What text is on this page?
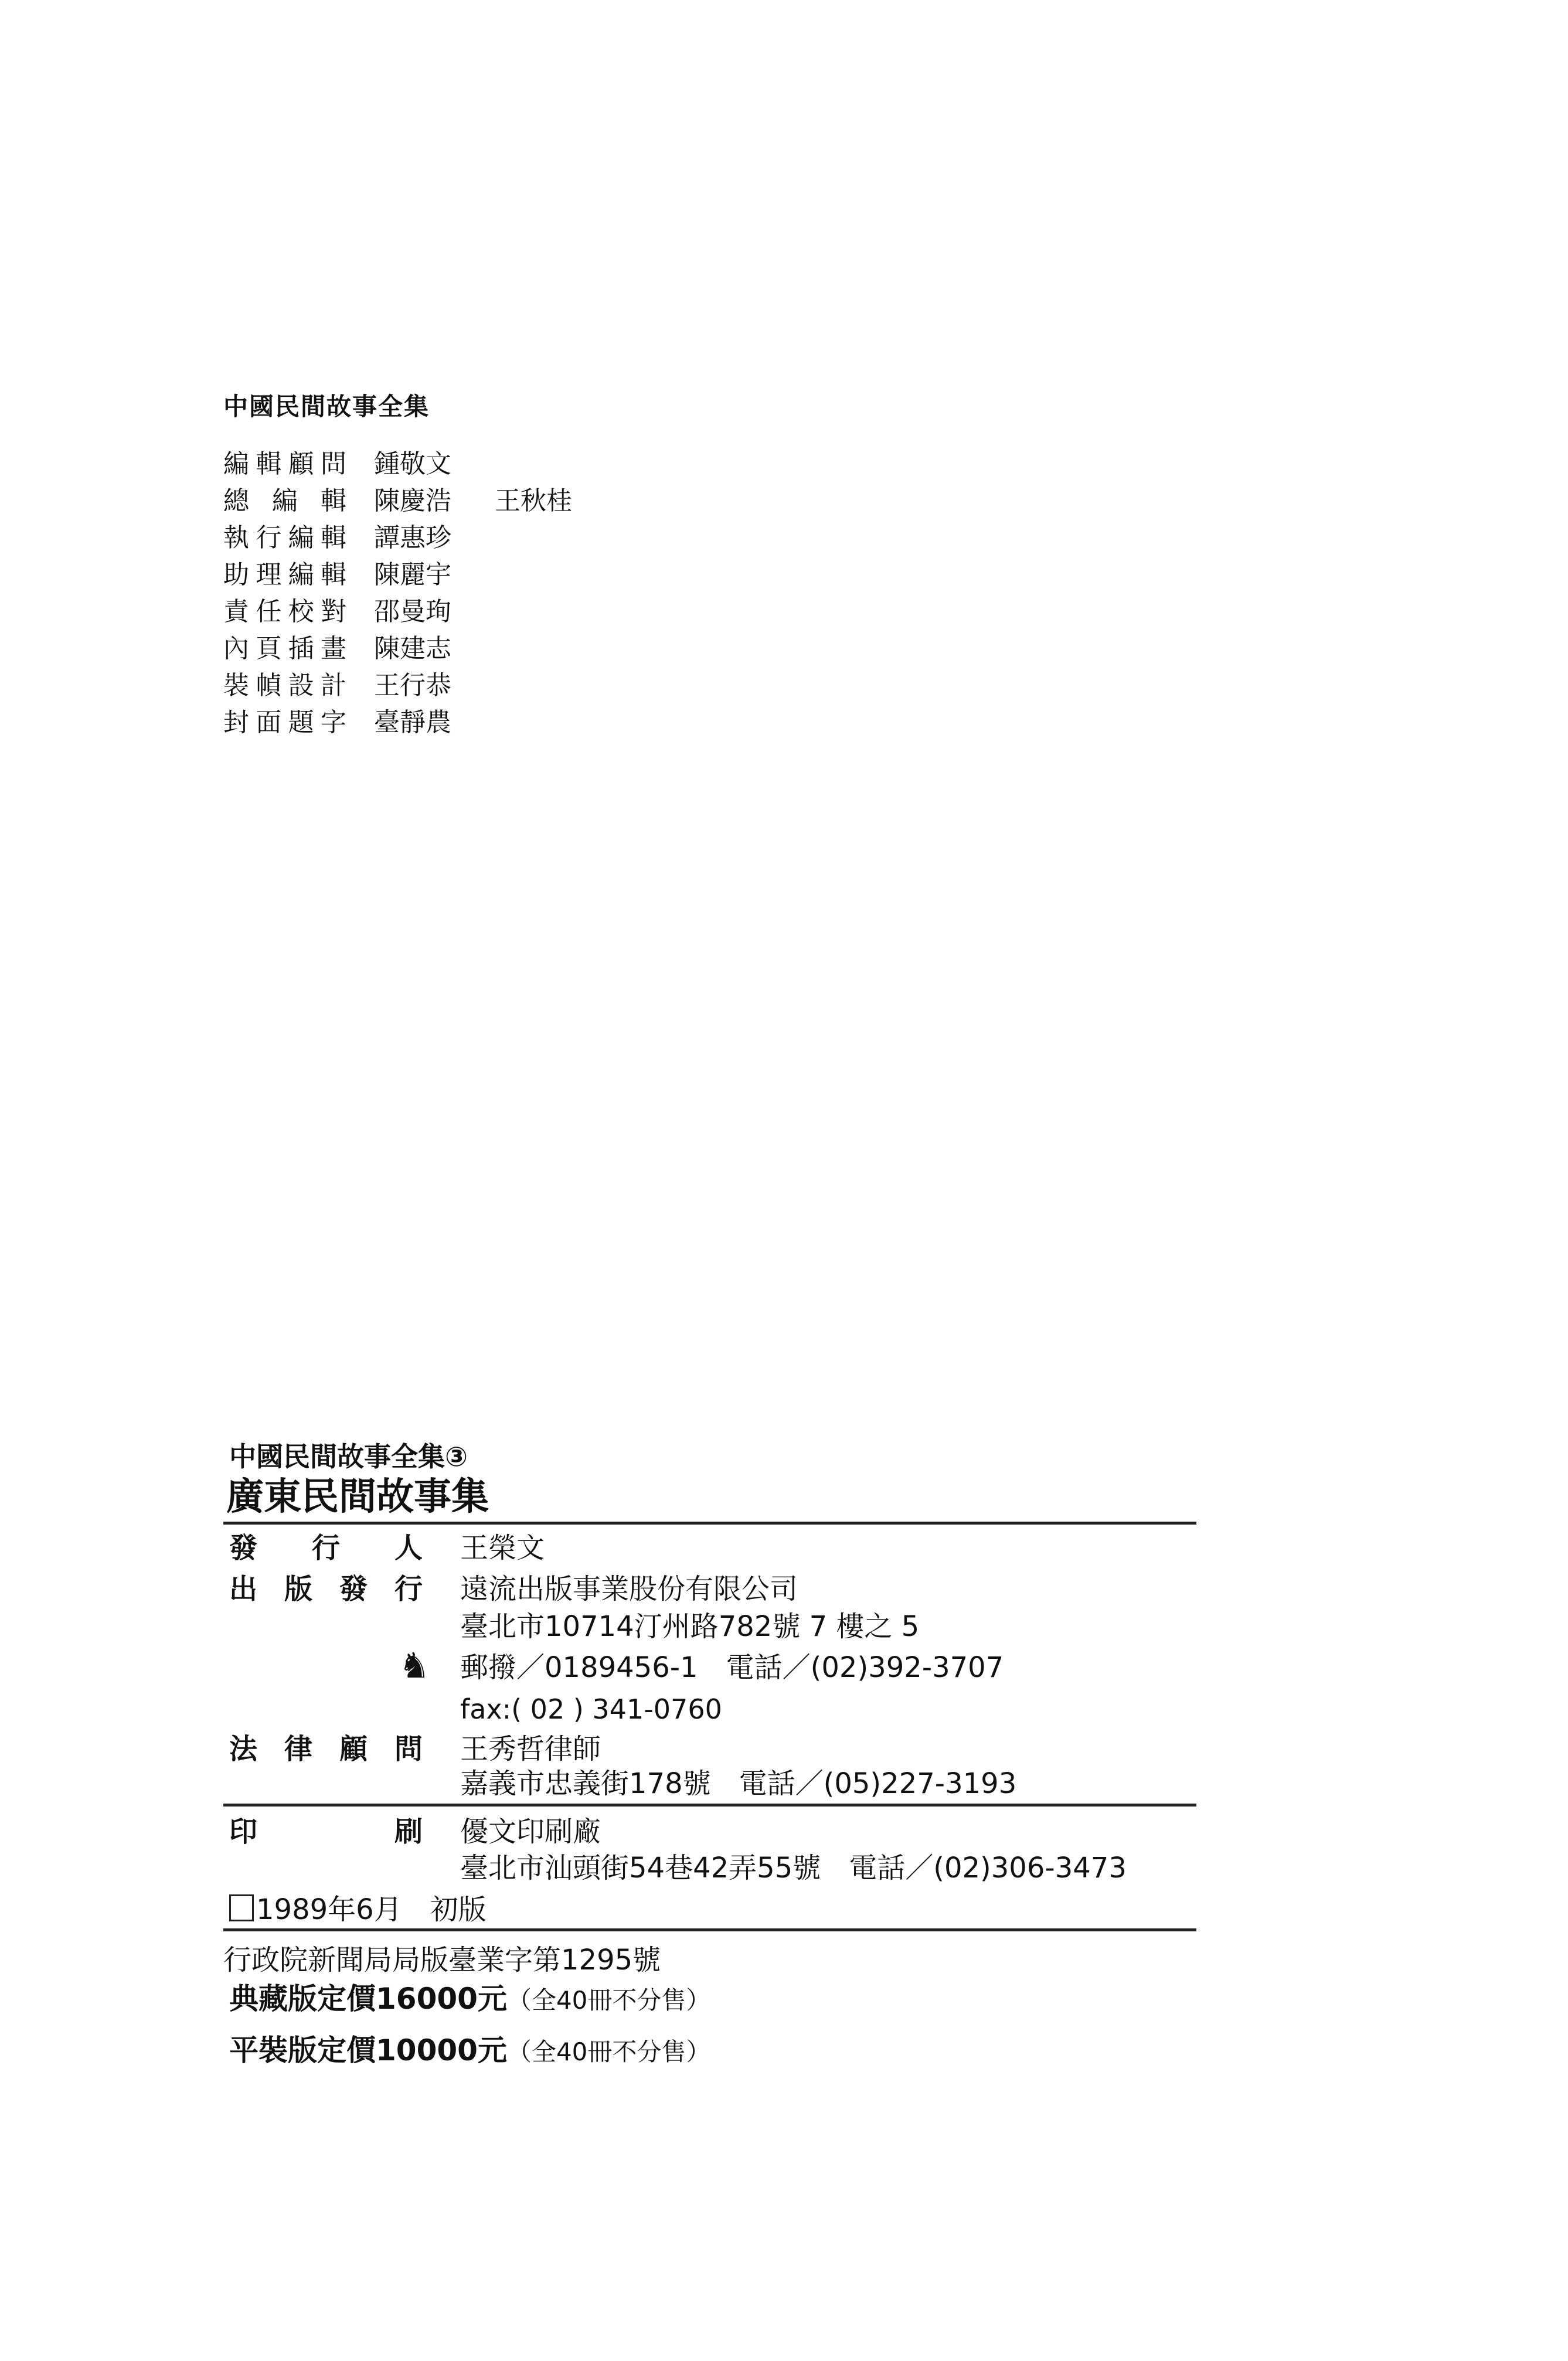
中國民間故事全集
編輯顧問 鍾敬文
總編輯 陳慶浩 王秋桂
執行編輯 譚惠珍
助理編輯 陳麗宇
責任校對 邵曼珣
內頁插畫 陳建志
裝幀設計 王行恭
封面題字 臺靜農
中國民間故事全集③
廣東民間故事集
發行人 王榮文
出版發行 遠流出版事業股份有限公司
臺北市10714汀州路782號 7 樓之 5
♞ 郵撥／0189456-1　電話／(02)392-3707
fax:( 02 ) 341-0760
法律顧問 王秀哲律師
嘉義市忠義街178號　電話／(05)227-3193
印刷 優文印刷廠
臺北市汕頭街54巷42弄55號　電話／(02)306-3473
1989年6月　初版
行政院新聞局局版臺業字第1295號
典藏版定價16000元（全40冊不分售）
平裝版定價10000元（全40冊不分售）
